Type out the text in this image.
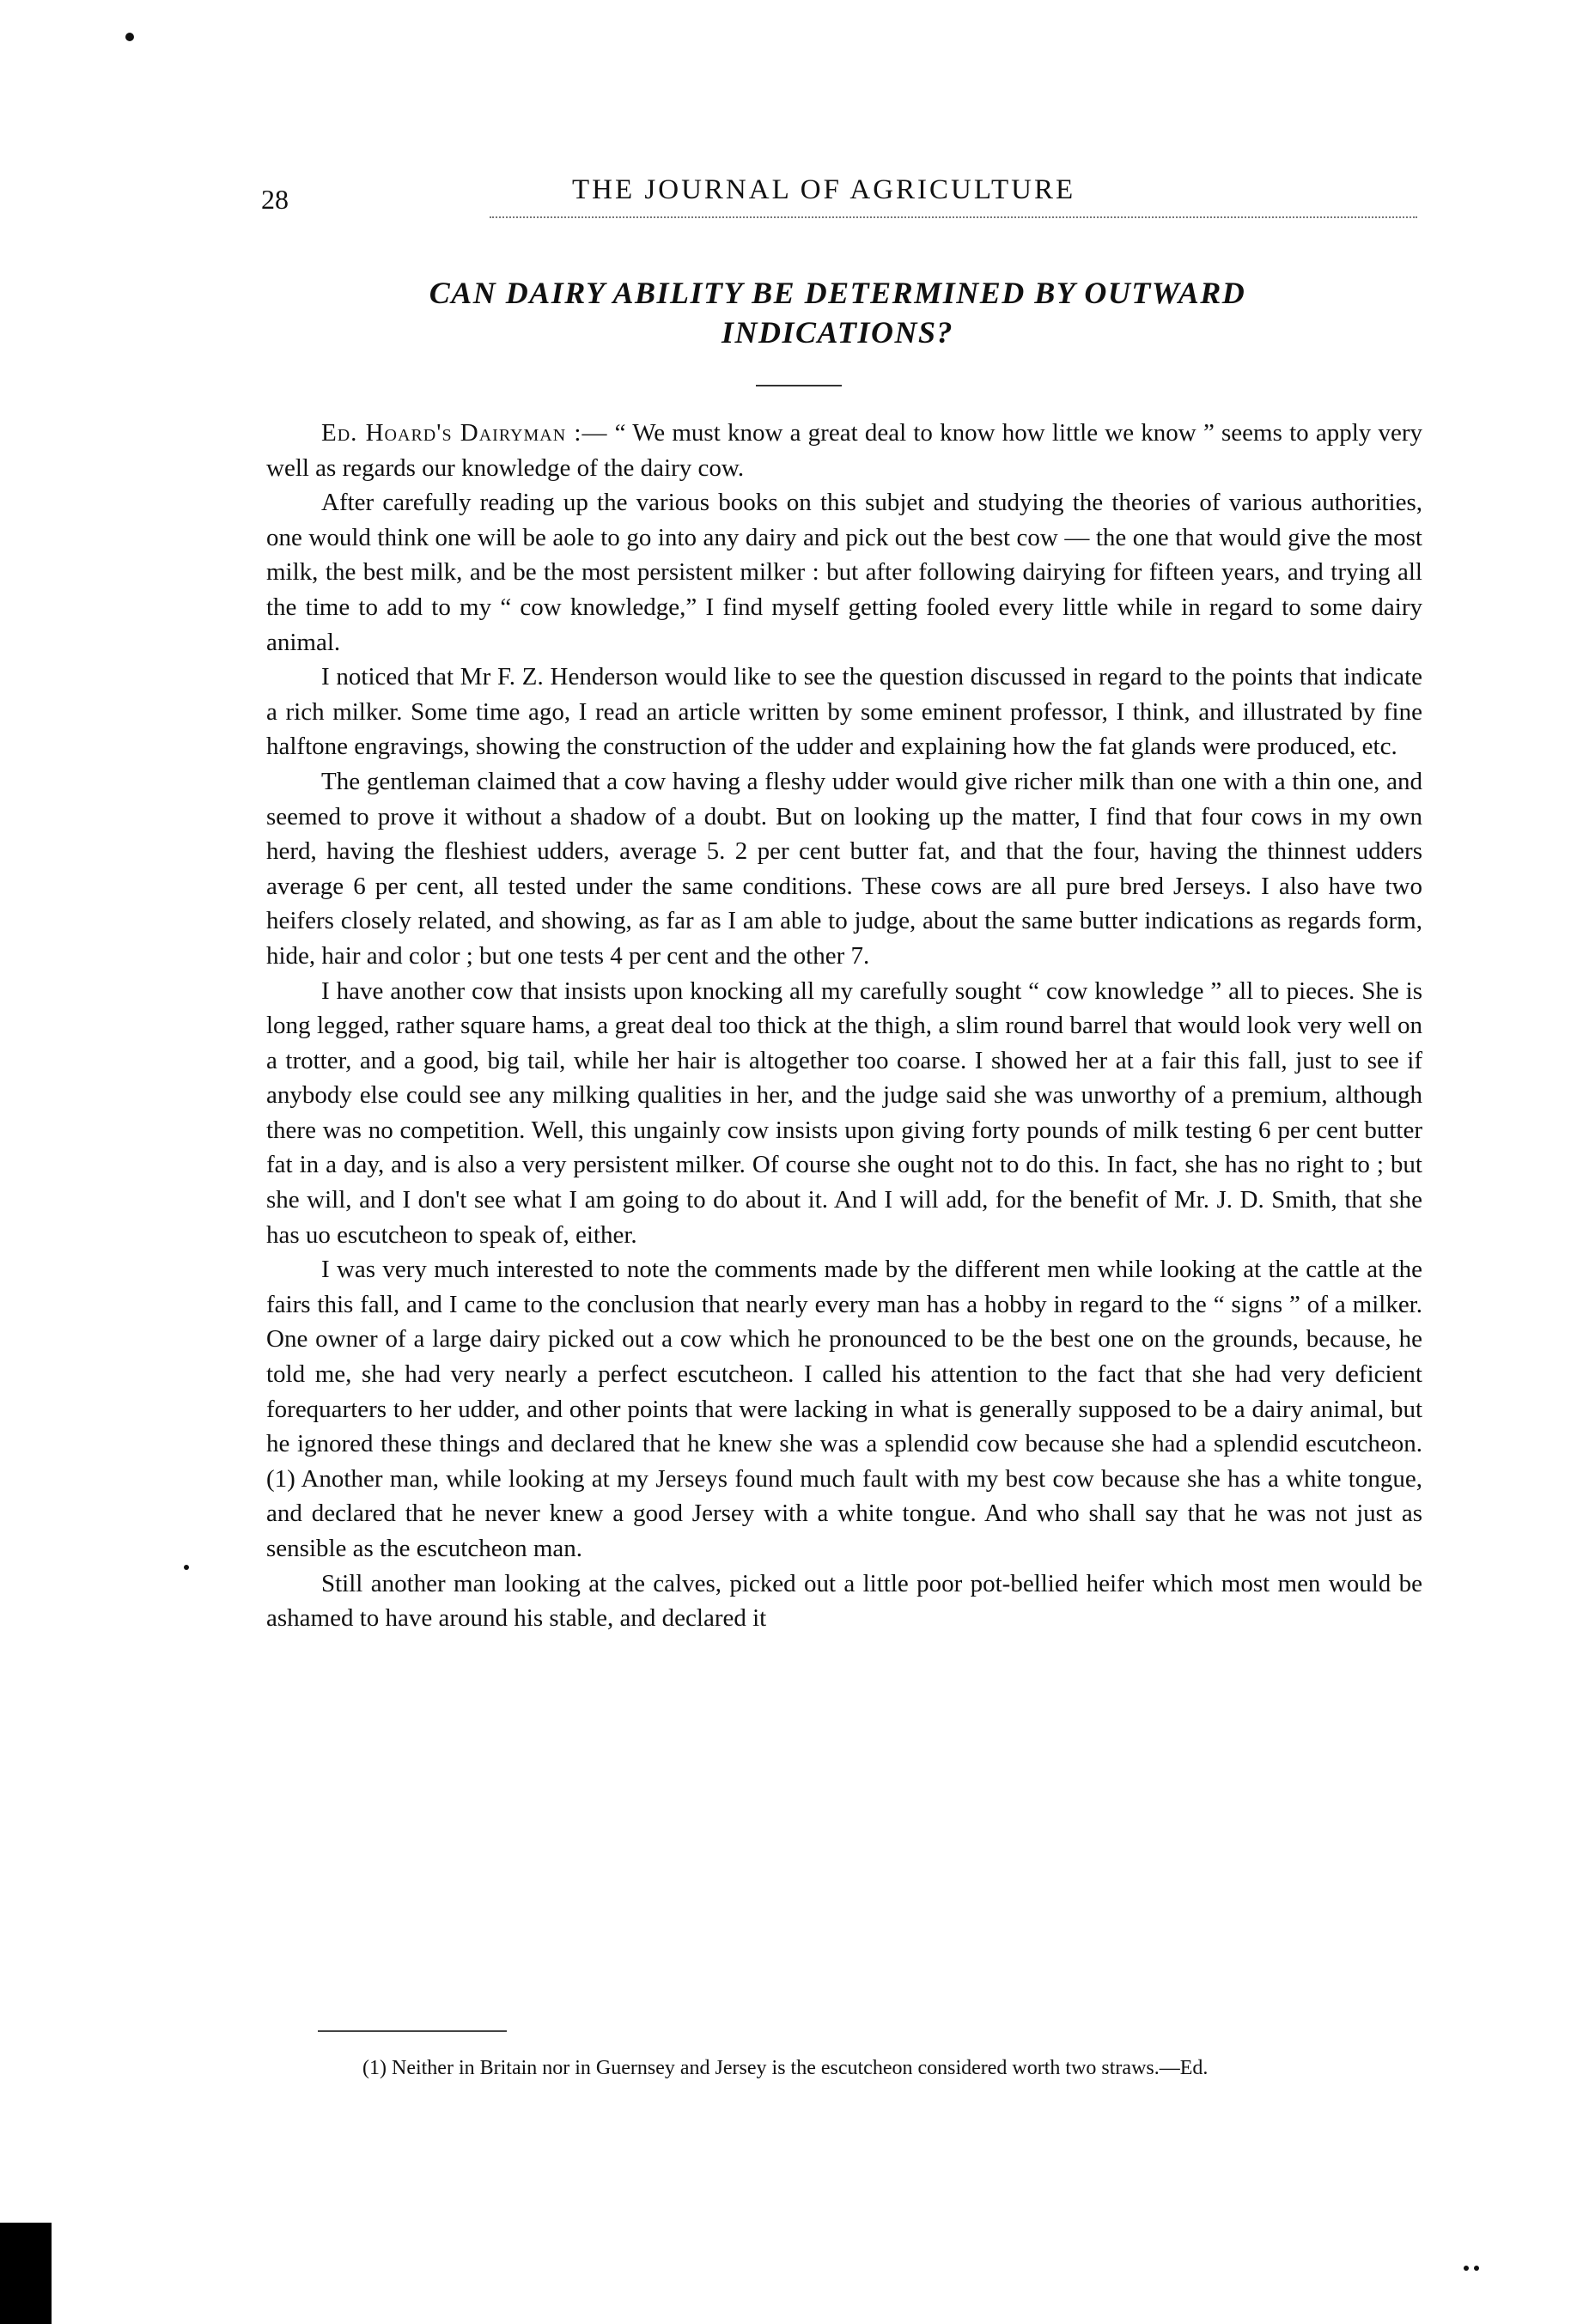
28	THE JOURNAL OF AGRICULTURE
CAN DAIRY ABILITY BE DETERMINED BY OUTWARD INDICATIONS?

Ed. Hoard's Dairyman :— “ We must know a great deal to know how little we know ” seems to apply very well as regards our knowledge of the dairy cow.

After carefully reading up the various books on this subjet and studying the theories of various authorities, one would think one will be aole to go into any dairy and pick out the best cow — the one that would give the most milk, the best milk, and be the most persistent milker : but after following dairying for fifteen years, and trying all the time to add to my “ cow knowledge,” I find myself getting fooled every little while in regard to some dairy animal.

I noticed that Mr F. Z. Henderson would like to see the question discussed in regard to the points that indicate a rich milker. Some time ago, I read an article written by some eminent professor, I think, and illustrated by fine halftone engravings, showing the construction of the udder and explaining how the fat glands were produced, etc.

The gentleman claimed that a cow having a fleshy udder would give richer milk than one with a thin one, and seemed to prove it without a shadow of a doubt. But on looking up the matter, I find that four cows in my own herd, having the fleshiest udders, average 5. 2 per cent butter fat, and that the four, having the thinnest udders average 6 per cent, all tested under the same conditions. These cows are all pure bred Jerseys. I also have two heifers closely related, and showing, as far as I am able to judge, about the same butter indications as regards form, hide, hair and color ; but one tests 4 per cent and the other 7.

I have another cow that insists upon knocking all my carefully sought “ cow knowledge ” all to pieces. She is long legged, rather square hams, a great deal too thick at the thigh, a slim round barrel that would look very well on a trotter, and a good, big tail, while her hair is altogether too coarse. I showed her at a fair this fall, just to see if anybody else could see any milking qualities in her, and the judge said she was unworthy of a premium, although there was no competition. Well, this ungainly cow insists upon giving forty pounds of milk testing 6 per cent butter fat in a day, and is also a very persistent milker. Of course she ought not to do this. In fact, she has no right to ; but she will, and I don't see what I am going to do about it. And I will add, for the benefit of Mr. J. D. Smith, that she has uo escutcheon to speak of, either.

I was very much interested to note the comments made by the different men while looking at the cattle at the fairs this fall, and I came to the conclusion that nearly every man has a hobby in regard to the “ signs ” of a milker. One owner of a large dairy picked out a cow which he pronounced to be the best one on the grounds, because, he told me, she had very nearly a perfect escutcheon. I called his attention to the fact that she had very deficient forequarters to her udder, and other points that were lacking in what is generally supposed to be a dairy animal, but he ignored these things and declared that he knew she was a splendid cow because she had a splendid escutcheon. (1) Another man, while looking at my Jerseys found much fault with my best cow because she has a white tongue, and declared that he never knew a good Jersey with a white tongue. And who shall say that he was not just as sensible as the escutcheon man.

Still another man looking at the calves, picked out a little poor pot-bellied heifer which most men would be ashamed to have around his stable, and declared it

(1) Neither in Britain nor in Guernsey and Jersey is the escutcheon considered worth two straws.—Ed.
